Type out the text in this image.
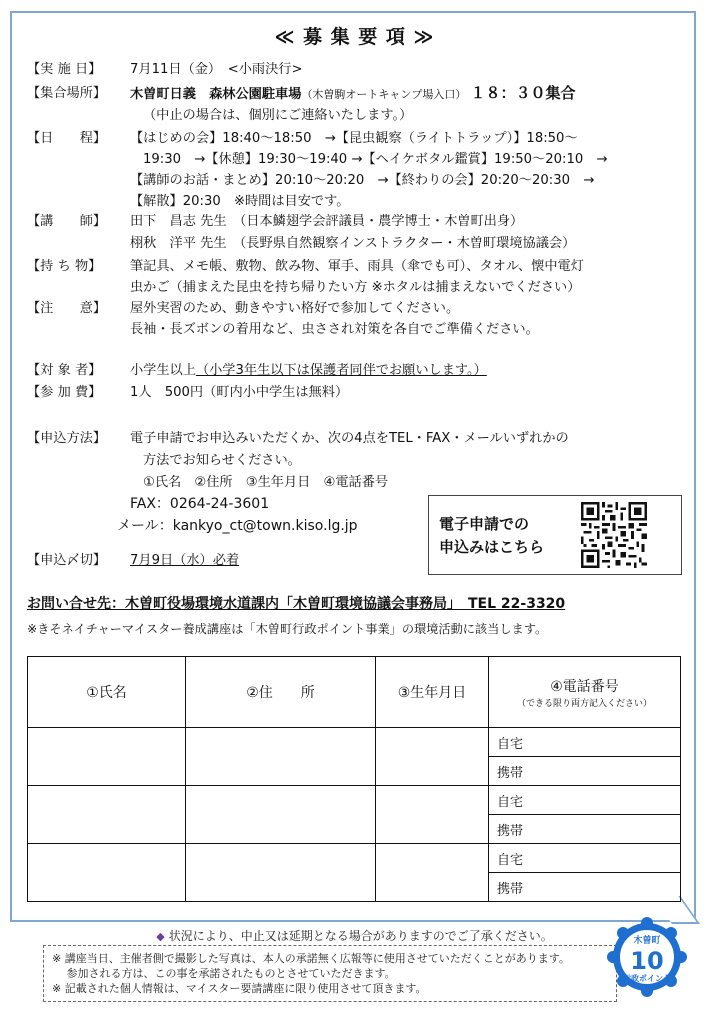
≪ 募 集 要 項 ≫
【実 施 日】	7月11日（金）　<小雨決行>
【集合場所】	木曽町日義　森林公園駐車場（木曽駒オートキャンプ場入口） １８：３０集合
（中止の場合は、個別にご連絡いたします。）
【日　　程】	【はじめの会】18:40～18:50　→【昆虫観察（ライトトラップ）】18:50～
19:30　→【休憩】19:30～19:40 →【ヘイケボタル鑑賞】19:50～20:10　→
【講師のお話・まとめ】20:10～20:20　→【終わりの会】20:20～20:30　→
【解散】20:30　※時間は目安です。
【講　　師】	田下　昌志 先生　（日本鱗翅学会評議員・農学博士・木曽町出身）
栩秋　洋平 先生　（長野県自然観察インストラクター・木曽町環境協議会）
【持 ち 物】	筆記具、メモ帳、敷物、飲み物、軍手、雨具（傘でも可）、タオル、懐中電灯
虫かご（捕まえた昆虫を持ち帰りたい方 ※ホタルは捕まえないでください）
【注　　意】	屋外実習のため、動きやすい格好で参加してください。
長袖・長ズボンの着用など、虫さされ対策を各自でご準備ください。
【対 象 者】	小学生以上（小学3年生以下は保護者同伴でお願いします。）
【参 加 費】	1人　500円（町内小中学生は無料）
【申込方法】	電子申請でお申込みいただくか、次の4点をTEL・FAX・メールいずれかの
方法でお知らせください。
①氏名　②住所　③生年月日　④電話番号
FAX：0264-24-3601
メール：kankyo_ct@town.kiso.lg.jp
【申込〆切】	7月9日（水）必着
電子申請での
申込みはこちら
お問い合せ先：木曽町役場環境水道課内「木曽町環境協議会事務局」　TEL 22-3320
※きそネイチャーマイスター養成講座は「木曽町行政ポイント事業」の環境活動に該当します。
①氏名	②住　　所	③生年月日	④電話番号
（できる限り両方記入ください）

			自宅
			携帯
			自宅
			携帯
			自宅
			携帯
◆ 状況により、中止又は延期となる場合がありますのでご了承ください。
※ 講座当日、主催者側で撮影した写真は、本人の承諾無く広報等に使用させていただくことがあります。
　 参加される方は、この事を承諾されたものとさせていただきます。
※ 記載された個人情報は、マイスター要請講座に限り使用させて頂きます。
木曽町
10
行政ポイント
